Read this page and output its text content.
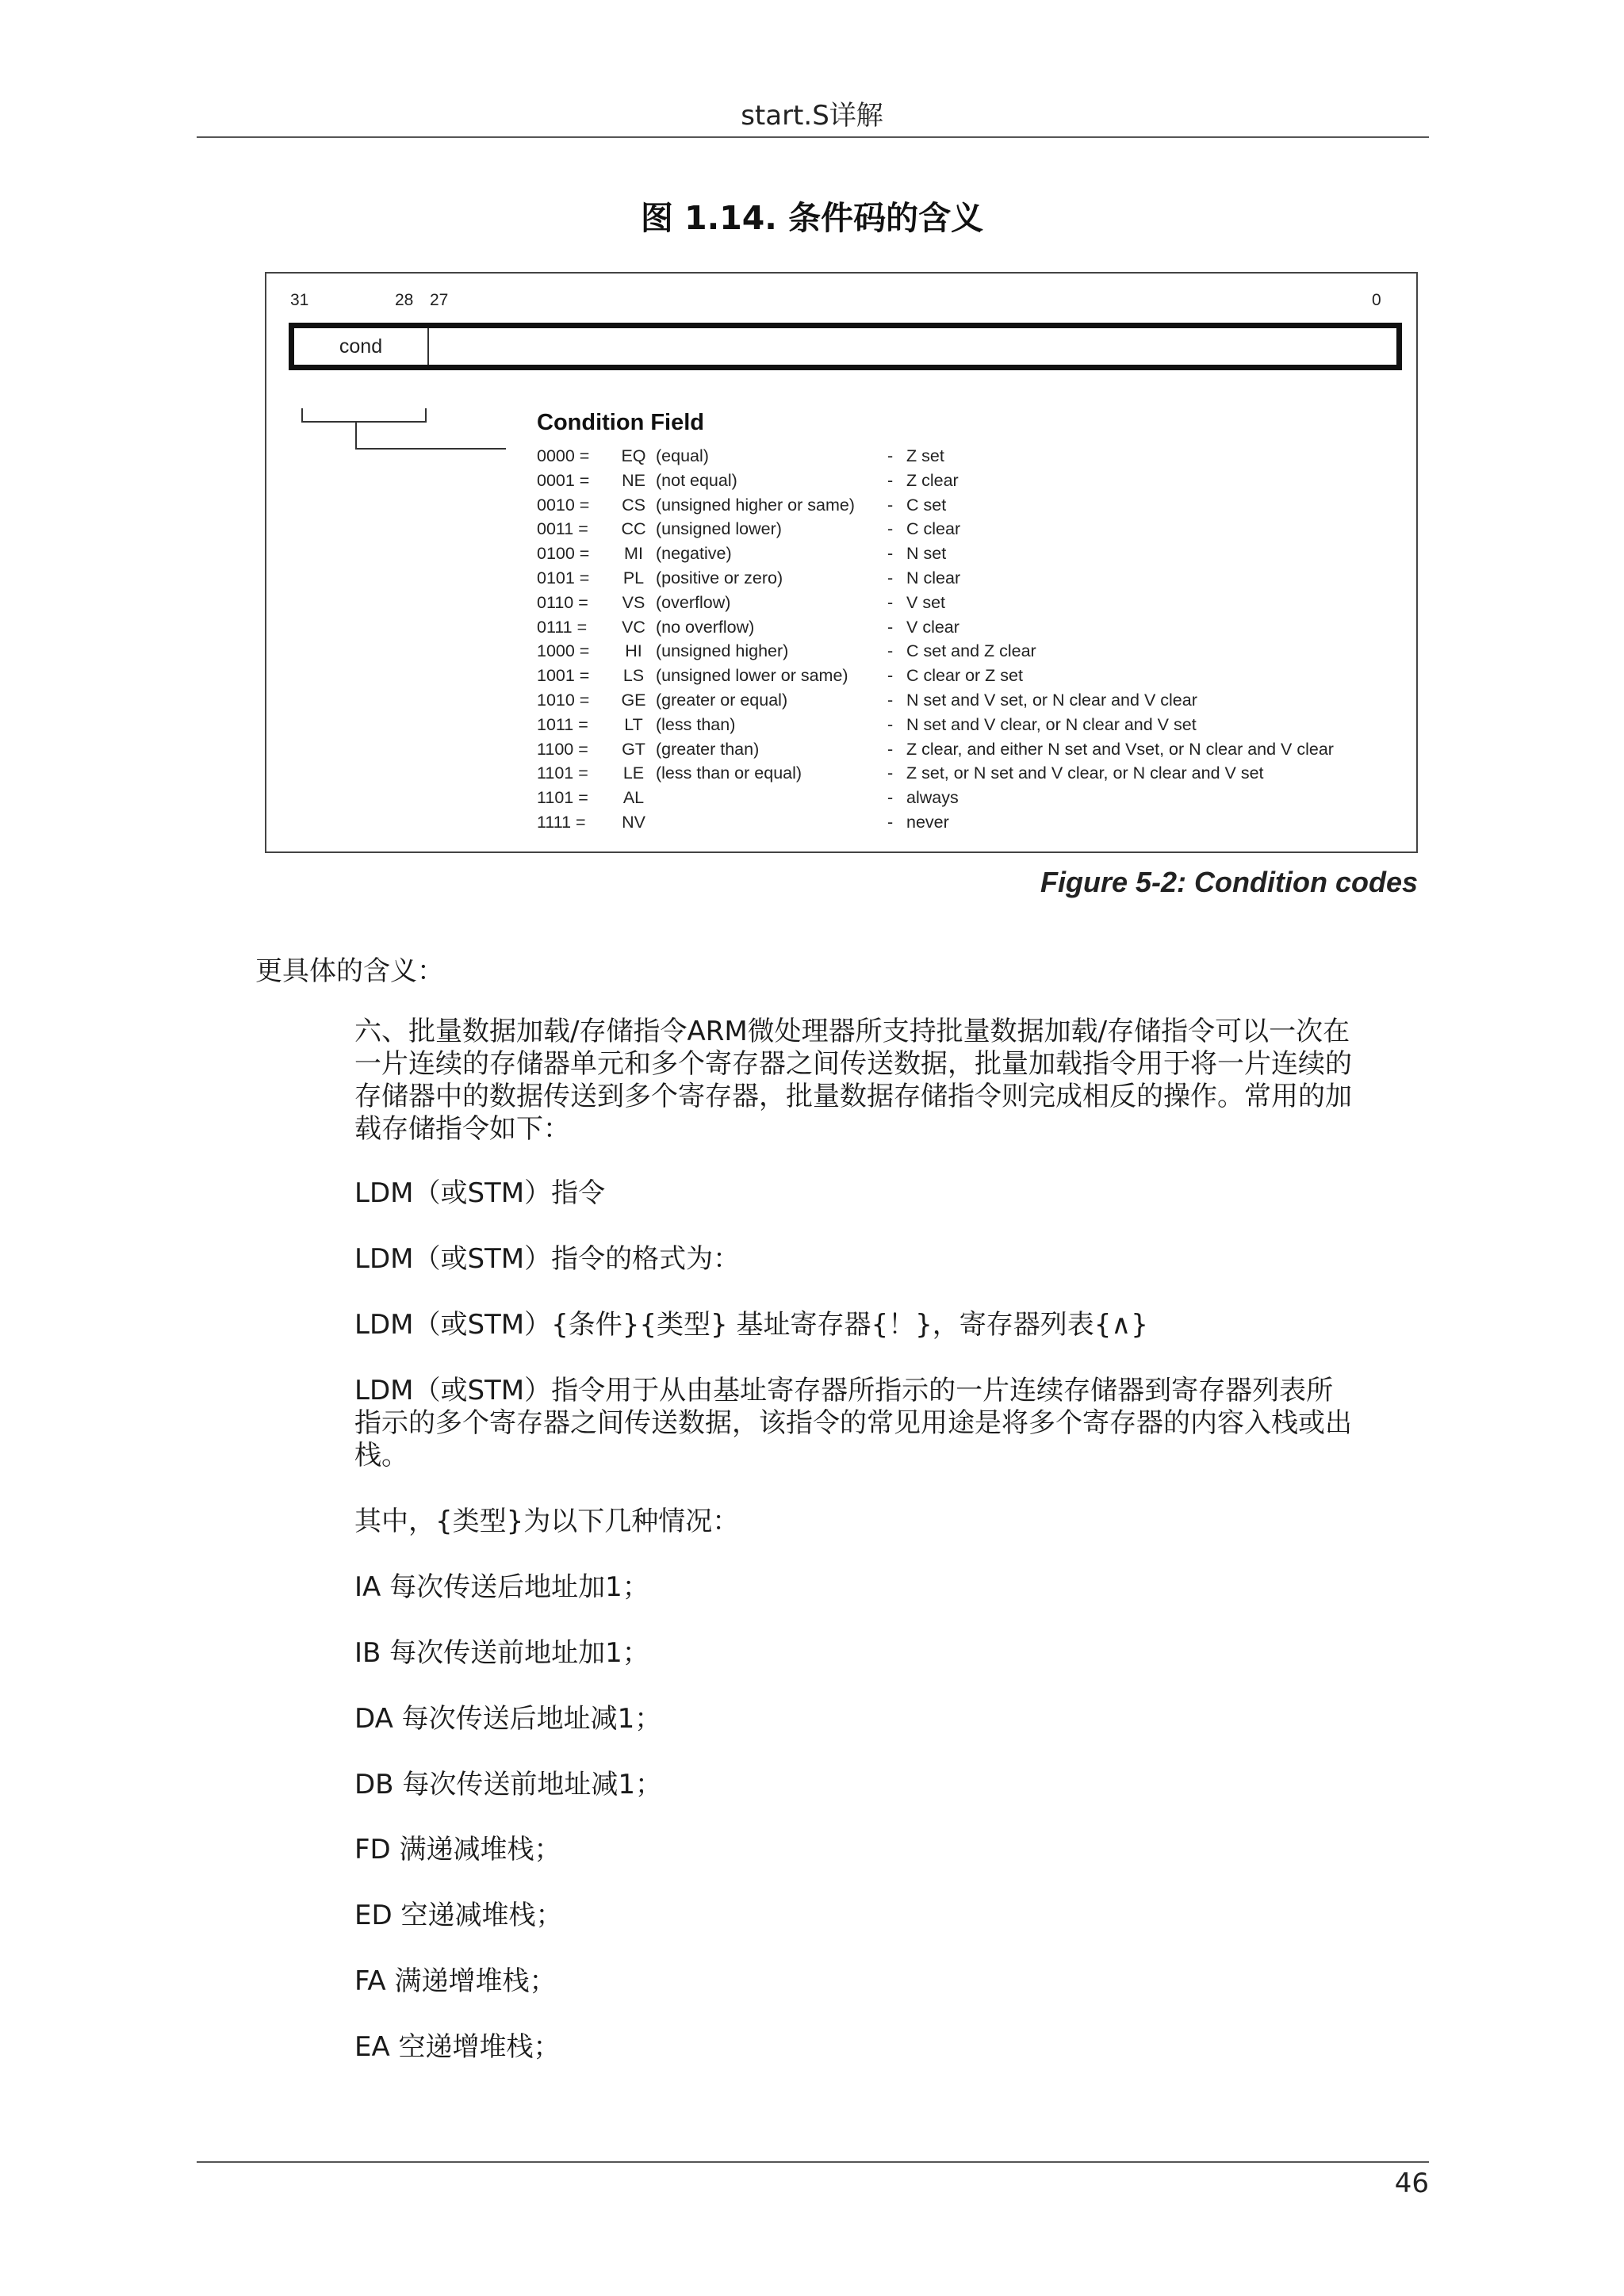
start.S详解
图 1.14. 条件码的含义
31	28 27	0
cond
Condition Field
0000 =	EQ (equal)	- Z set
0001 =	NE (not equal)	- Z clear
0010 =	CS (unsigned higher or same) - C set
0011 =	CC (unsigned lower)	- C clear
0100 =	MI (negative)	- N set
0101 =	PL (positive or zero)	- N clear
0110 =	VS (overflow)	- V set
0111 =	VC (no overflow)	- V clear
1000 =	HI (unsigned higher)	- C set and Z clear
1001 =	LS (unsigned lower or same) - C clear or Z set
1010 =	GE (greater or equal)	- N set and V set, or N clear and V clear
1011 =	LT (less than)	- N set and V clear, or N clear and V set
1100 =	GT (greater than)	- Z clear, and either N set and Vset, or N clear and V clear
1101 =	LE (less than or equal)	- Z set, or N set and V clear, or N clear and V set
1101 =	AL	- always
1111 =	NV	- never
Figure 5-2: Condition codes
更具体的含义：
六、批量数据加载/存储指令ARM微处理器所支持批量数据加载/存储指令可以一次在一片连续的存储器单元和多个寄存器之间传送数据，批量加载指令用于将一片连续的存储器中的数据传送到多个寄存器，批量数据存储指令则完成相反的操作。常用的加载存储指令如下：
LDM（或STM）指令
LDM（或STM）指令的格式为：
LDM（或STM）{条件}{类型} 基址寄存器{！}，寄存器列表{∧}
LDM（或STM）指令用于从由基址寄存器所指示的一片连续存储器到寄存器列表所指示的多个寄存器之间传送数据，该指令的常见用途是将多个寄存器的内容入栈或出栈。
其中，{类型}为以下几种情况：
IA 每次传送后地址加1；
IB 每次传送前地址加1；
DA 每次传送后地址减1；
DB 每次传送前地址减1；
FD 满递减堆栈；
ED 空递减堆栈；
FA 满递增堆栈；
EA 空递增堆栈；
46
